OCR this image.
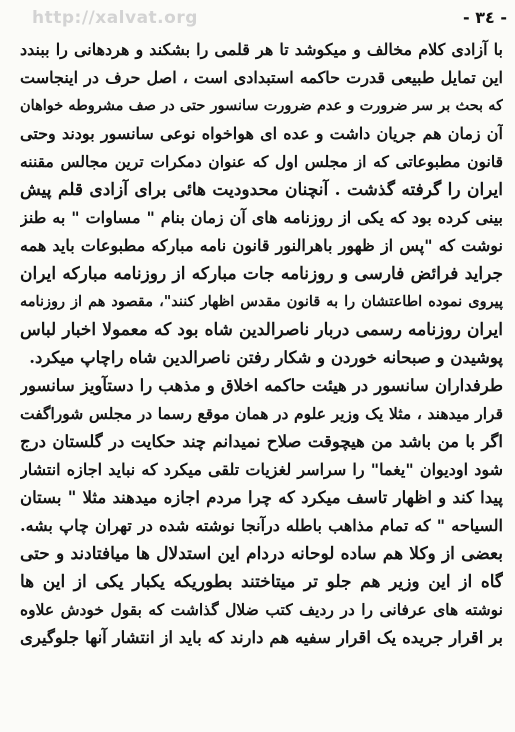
http://xalvat.org	- ٣٤ -
با آزادی کلام مخالف و میکوشد تا هر قلمی را بشکند و هردهانی را ببندد
این تمایل طبیعی قدرت حاکمه استبدادی است ، اصل حرف در اینجاست
که بحث بر سر ضرورت و عدم ضرورت سانسور حتی در صف مشروطه خواهان
آن زمان هم جریان داشت و عده ای هواخواه نوعی سانسور بودند وحتی
قانون مطبوعاتی که از مجلس اول که عنوان دمکرات ترین مجالس مقننه
ایران را گرفته گذشت . آنچنان محدودیت هائی برای آزادی قلم پیش
بینی کرده بود که یکی از روزنامه های آن زمان بنام " مساوات " به طنز
نوشت که "پس از ظهور باهرالنور قانون نامه مبارکه مطبوعات باید همه
جراید فرائض فارسی و روزنامه جات مبارکه از روزنامه مبارکه ایران
پیروی نموده اطاعتشان را به قانون مقدس اظهار کنند"، مقصود هم از روزنامه
ایران روزنامه رسمی دربار ناصرالدین شاه بود که معمولا اخبار لباس
پوشیدن و صبحانه خوردن و شکار رفتن ناصرالدین شاه راچاپ میکرد.
طرفداران سانسور در هیئت حاکمه اخلاق و مذهب را دستآویز سانسور
قرار میدهند ، مثلا یک وزیر علوم در همان موقع رسما در مجلس شوراگفت
اگر با من باشد من هیچوقت صلاح نمیدانم چند حکایت در گلستان درج
شود اودیوان "یغما" را سراسر لغزیات تلقی میکرد که نباید اجازه انتشار
پیدا کند و اظهار تاسف میکرد که چرا مردم اجازه میدهند مثلا " بستان
السیاحه " که تمام مذاهب باطله درآنجا نوشته شده در تهران چاپ بشه.
بعضی از وکلا هم ساده لوحانه دردام این استدلال ها میافتادند و حتی
گاه از این وزیر هم جلو تر میتاختند بطوریکه یکبار یکی از این ها
نوشته های عرفانی را در ردیف کتب ضلال گذاشت که بقول خودش علاوه
بر اقرار جریده یک اقرار سفیه هم دارند که باید از انتشار آنها جلوگیری
